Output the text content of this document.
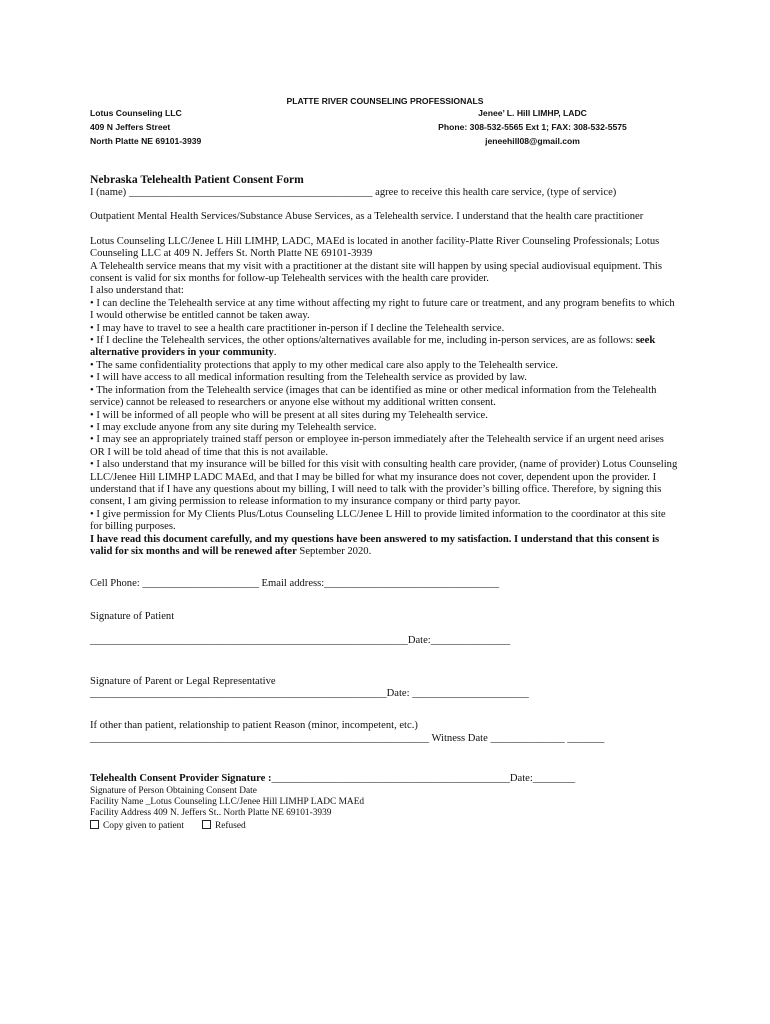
PLATTE RIVER COUNSELING PROFESSIONALS
Lotus Counseling LLC
409 N Jeffers Street
North Platte NE 69101-3939
Jenee’ L. Hill LIMHP, LADC
Phone: 308-532-5565 Ext 1; FAX: 308-532-5575
jeneehill08@gmail.com

Nebraska Telehealth Patient Consent Form

I (name) ______________________________________________ agree to receive this health care service, (type of service)

Outpatient Mental Health Services/Substance Abuse Services, as a Telehealth service. I understand that the health care practitioner

Lotus Counseling LLC/Jenee L Hill LIMHP, LADC, MAEd is located in another facility-Platte River Counseling Professionals; Lotus Counseling LLC at 409 N. Jeffers St. North Platte NE 69101-3939

A Telehealth service means that my visit with a practitioner at the distant site will happen by using special audiovisual equipment. This

consent is valid for six months for follow-up Telehealth services with the health care provider.

I also understand that:

• I can decline the Telehealth service at any time without affecting my right to future care or treatment, and any program benefits to which I would otherwise be entitled cannot be taken away.

• I may have to travel to see a health care practitioner in-person if I decline the Telehealth service.

• If I decline the Telehealth services, the other options/alternatives available for me, including in-person services, are as follows: seek alternative providers in your community.

• The same confidentiality protections that apply to my other medical care also apply to the Telehealth service.

• I will have access to all medical information resulting from the Telehealth service as provided by law.

• The information from the Telehealth service (images that can be identified as mine or other medical information from the Telehealth service) cannot be released to researchers or anyone else without my additional written consent.

• I will be informed of all people who will be present at all sites during my Telehealth service.

• I may exclude anyone from any site during my Telehealth service.

• I may see an appropriately trained staff person or employee in-person immediately after the Telehealth service if an urgent need arises OR I will be told ahead of time that this is not available.

• I also understand that my insurance will be billed for this visit with consulting health care provider, (name of provider) Lotus Counseling LLC/Jenee Hill LIMHP LADC MAEd, and that I may be billed for what my insurance does not cover, dependent upon the provider. I understand that if I have any questions about my billing, I will need to talk with the provider’s billing office. Therefore, by signing this consent, I am giving permission to release information to my insurance company or third party payor.

• I give permission for My Clients Plus/Lotus Counseling LLC/Jenee L Hill to provide limited information to the coordinator at this site for billing purposes.

I have read this document carefully, and my questions have been answered to my satisfaction. I understand that this consent is valid for six months and will be renewed after September 2020.

Cell Phone: ______________________ Email address:_________________________________

Signature of Patient

____________________________________________________________Date:_______________

Signature of Parent or Legal Representative

________________________________________________________Date: ______________________

If other than patient, relationship to patient Reason (minor, incompetent, etc.)

________________________________________________________________ Witness Date ______________ _______

Telehealth Consent Provider Signature :_____________________________________________Date:________

Signature of Person Obtaining Consent Date

Facility Name _Lotus Counseling LLC/Jenee Hill LIMHP LADC MAEd

Facility Address 409 N. Jeffers St.. North Platte NE 69101-3939

Copy given to patient	Refused
